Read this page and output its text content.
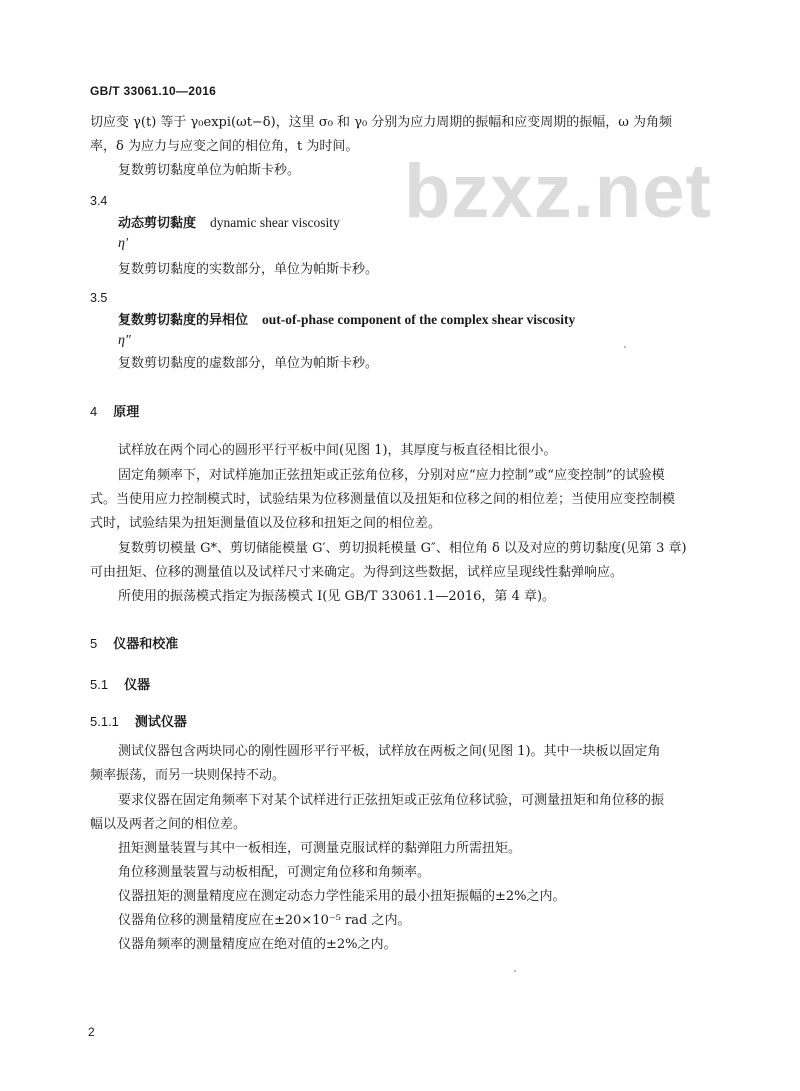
bzxz.net
GB/T 33061.10—2016
切应变 γ(t) 等于 γ₀expi(ωt−δ)，这里 σ₀ 和 γ₀ 分别为应力周期的振幅和应变周期的振幅，ω 为角频
率，δ 为应力与应变之间的相位角，t 为时间。
复数剪切黏度单位为帕斯卡秒。
3.4
动态剪切黏度 dynamic shear viscosity
η′
复数剪切黏度的实数部分，单位为帕斯卡秒。
3.5
复数剪切黏度的异相位 out-of-phase component of the complex shear viscosity
η″
复数剪切黏度的虚数部分，单位为帕斯卡秒。
4 原理
试样放在两个同心的圆形平行平板中间(见图 1)，其厚度与板直径相比很小。
固定角频率下，对试样施加正弦扭矩或正弦角位移，分别对应“应力控制”或“应变控制”的试验模
式。当使用应力控制模式时，试验结果为位移测量值以及扭矩和位移之间的相位差；当使用应变控制模
式时，试验结果为扭矩测量值以及位移和扭矩之间的相位差。
复数剪切模量 G*、剪切储能模量 G′、剪切损耗模量 G″、相位角 δ 以及对应的剪切黏度(见第 3 章)
可由扭矩、位移的测量值以及试样尺寸来确定。为得到这些数据，试样应呈现线性黏弹响应。
所使用的振荡模式指定为振荡模式 Ⅰ(见 GB/T 33061.1—2016，第 4 章)。
5 仪器和校准
5.1 仪器
5.1.1 测试仪器
测试仪器包含两块同心的刚性圆形平行平板，试样放在两板之间(见图 1)。其中一块板以固定角
频率振荡，而另一块则保持不动。
要求仪器在固定角频率下对某个试样进行正弦扭矩或正弦角位移试验，可测量扭矩和角位移的振
幅以及两者之间的相位差。
扭矩测量装置与其中一板相连，可测量克服试样的黏弹阻力所需扭矩。
角位移测量装置与动板相配，可测定角位移和角频率。
仪器扭矩的测量精度应在测定动态力学性能采用的最小扭矩振幅的±2%之内。
仪器角位移的测量精度应在±20×10⁻⁵ rad 之内。
仪器角频率的测量精度应在绝对值的±2%之内。
2
